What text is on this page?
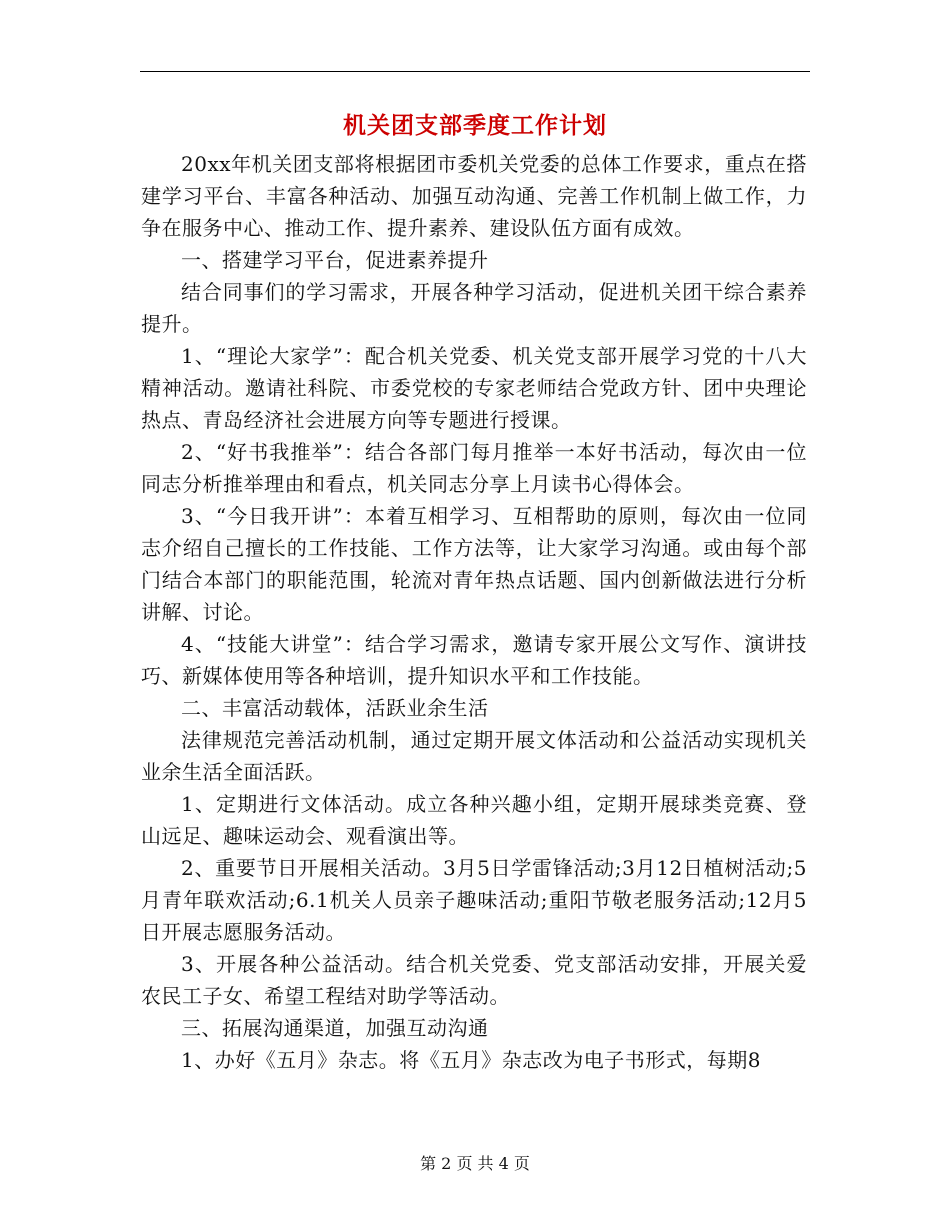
机关团支部季度工作计划

20xx年机关团支部将根据团市委机关党委的总体工作要求，重点在搭建学习平台、丰富各种活动、加强互动沟通、完善工作机制上做工作，力争在服务中心、推动工作、提升素养、建设队伍方面有成效。

一、搭建学习平台，促进素养提升

结合同事们的学习需求，开展各种学习活动，促进机关团干综合素养提升。

1、“理论大家学”：配合机关党委、机关党支部开展学习党的十八大精神活动。邀请社科院、市委党校的专家老师结合党政方针、团中央理论热点、青岛经济社会进展方向等专题进行授课。

2、“好书我推举”：结合各部门每月推举一本好书活动，每次由一位同志分析推举理由和看点，机关同志分享上月读书心得体会。

3、“今日我开讲”：本着互相学习、互相帮助的原则，每次由一位同志介绍自己擅长的工作技能、工作方法等，让大家学习沟通。或由每个部门结合本部门的职能范围，轮流对青年热点话题、国内创新做法进行分析讲解、讨论。

4、“技能大讲堂”：结合学习需求，邀请专家开展公文写作、演讲技巧、新媒体使用等各种培训，提升知识水平和工作技能。

二、丰富活动载体，活跃业余生活

法律规范完善活动机制，通过定期开展文体活动和公益活动实现机关业余生活全面活跃。

1、定期进行文体活动。成立各种兴趣小组，定期开展球类竞赛、登山远足、趣味运动会、观看演出等。

2、重要节日开展相关活动。3月5日学雷锋活动;3月12日植树活动;5月青年联欢活动;6.1机关人员亲子趣味活动;重阳节敬老服务活动;12月5日开展志愿服务活动。

3、开展各种公益活动。结合机关党委、党支部活动安排，开展关爱农民工子女、希望工程结对助学等活动。

三、拓展沟通渠道，加强互动沟通

1、办好《五月》杂志。将《五月》杂志改为电子书形式，每期8

第 2 页 共 4 页
